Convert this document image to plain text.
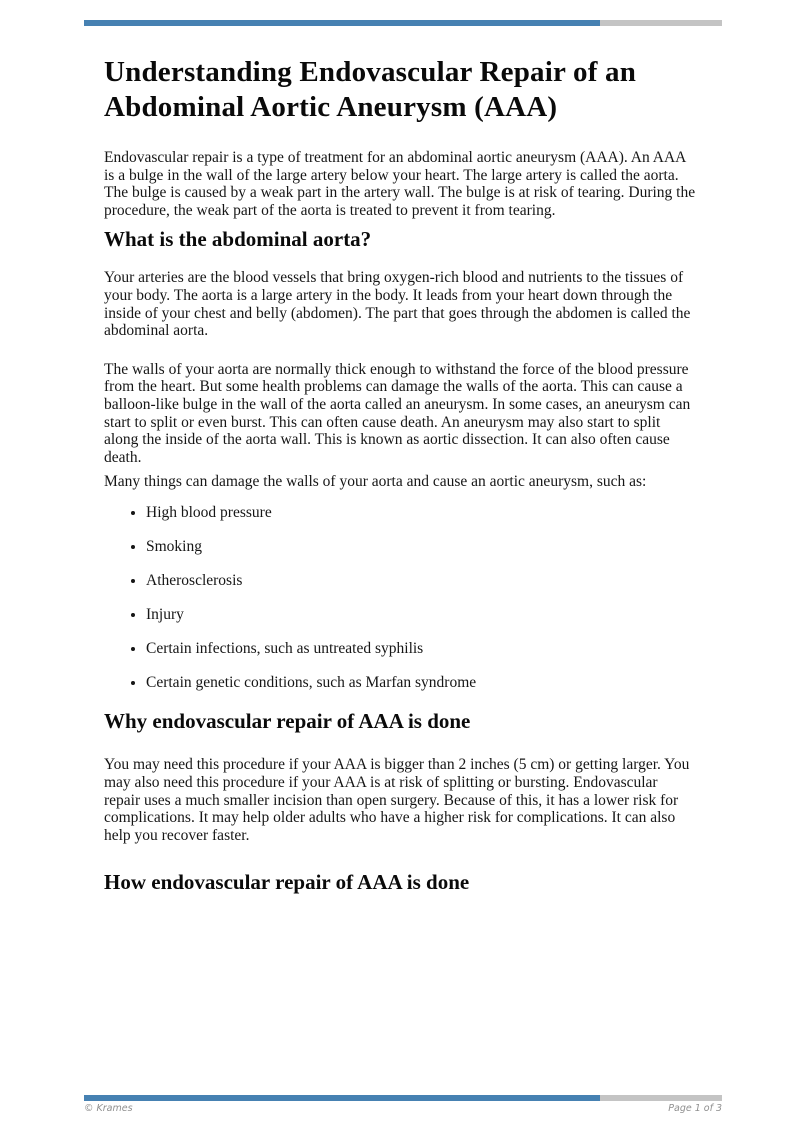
Understanding Endovascular Repair of an Abdominal Aortic Aneurysm (AAA)

Endovascular repair is a type of treatment for an abdominal aortic aneurysm (AAA). An AAA is a bulge in the wall of the large artery below your heart. The large artery is called the aorta. The bulge is caused by a weak part in the artery wall. The bulge is at risk of tearing. During the procedure, the weak part of the aorta is treated to prevent it from tearing.

What is the abdominal aorta?

Your arteries are the blood vessels that bring oxygen-rich blood and nutrients to the tissues of your body. The aorta is a large artery in the body. It leads from your heart down through the inside of your chest and belly (abdomen). The part that goes through the abdomen is called the abdominal aorta.

The walls of your aorta are normally thick enough to withstand the force of the blood pressure from the heart. But some health problems can damage the walls of the aorta. This can cause a balloon-like bulge in the wall of the aorta called an aneurysm. In some cases, an aneurysm can start to split or even burst. This can often cause death. An aneurysm may also start to split along the inside of the aorta wall. This is known as aortic dissection. It can also often cause death.

Many things can damage the walls of your aorta and cause an aortic aneurysm, such as:

• High blood pressure
• Smoking
• Atherosclerosis
• Injury
• Certain infections, such as untreated syphilis
• Certain genetic conditions, such as Marfan syndrome
Why endovascular repair of AAA is done

You may need this procedure if your AAA is bigger than 2 inches (5 cm) or getting larger. You may also need this procedure if your AAA is at risk of splitting or bursting. Endovascular repair uses a much smaller incision than open surgery. Because of this, it has a lower risk for complications. It may help older adults who have a higher risk for complications. It can also help you recover faster.

How endovascular repair of AAA is done
© Krames	Page 1 of 3
